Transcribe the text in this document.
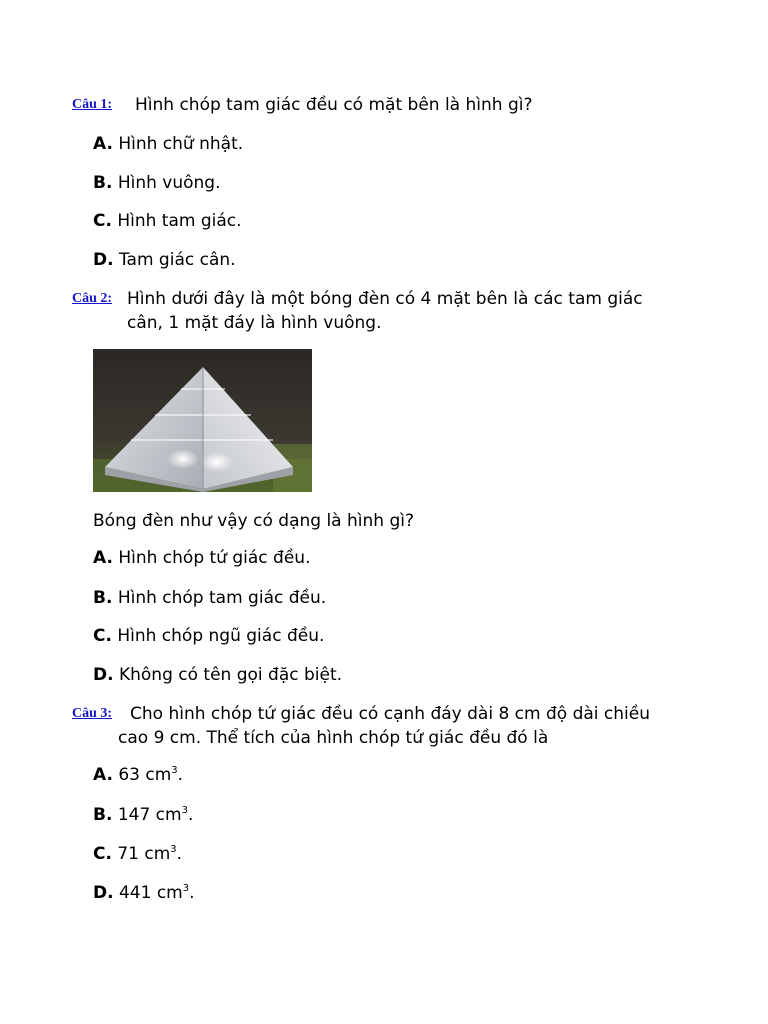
Câu 1: Hình chóp tam giác đều có mặt bên là hình gì?
A. Hình chữ nhật.
B. Hình vuông.
C. Hình tam giác.
D. Tam giác cân.
Câu 2: Hình dưới đây là một bóng đèn có 4 mặt bên là các tam giác
cân, 1 mặt đáy là hình vuông.
Bóng đèn như vậy có dạng là hình gì?
A. Hình chóp tứ giác đều.
B. Hình chóp tam giác đều.
C. Hình chóp ngũ giác đều.
D. Không có tên gọi đặc biệt.
Câu 3: Cho hình chóp tứ giác đều có cạnh đáy dài 8 cm độ dài chiều
cao 9 cm. Thể tích của hình chóp tứ giác đều đó là
A. 63 $cm^3$.
B. 147 $cm^3$.
C. 71 $cm^3$.
D. 441 $cm^3$.
